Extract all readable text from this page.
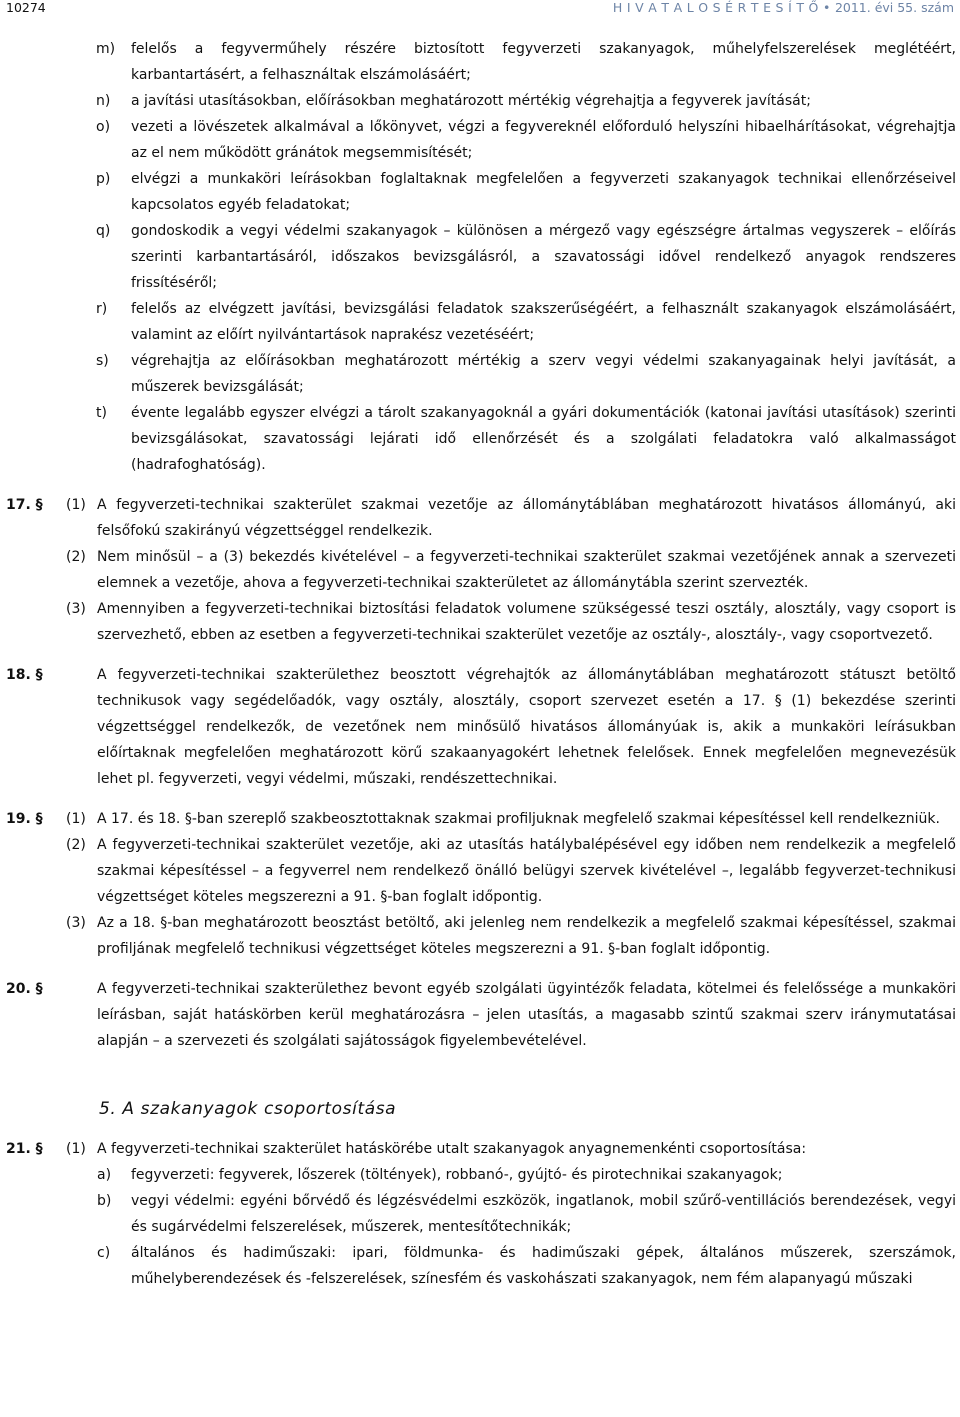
10274	H I V A T A L O S É R T E S Í T Ő • 2011. évi 55. szám
m) felelős a fegyverműhely részére biztosított fegyverzeti szakanyagok, műhelyfelszerelések meglétéért, karbantartásért, a felhasználtak elszámolásáért;
n) a javítási utasításokban, előírásokban meghatározott mértékig végrehajtja a fegyverek javítását;
o) vezeti a lövészetek alkalmával a lőkönyvet, végzi a fegyvereknél előforduló helyszíni hibaelhárításokat, végrehajtja az el nem működött gránátok megsemmisítését;
p) elvégzi a munkaköri leírásokban foglaltaknak megfelelően a fegyverzeti szakanyagok technikai ellenőrzéseivel kapcsolatos egyéb feladatokat;
q) gondoskodik a vegyi védelmi szakanyagok – különösen a mérgező vagy egészségre ártalmas vegyszerek – előírás szerinti karbantartásáról, időszakos bevizsgálásról, a szavatossági idővel rendelkező anyagok rendszeres frissítéséről;
r) felelős az elvégzett javítási, bevizsgálási feladatok szakszerűségéért, a felhasznált szakanyagok elszámolásáért, valamint az előírt nyilvántartások naprakész vezetéséért;
s) végrehajtja az előírásokban meghatározott mértékig a szerv vegyi védelmi szakanyagainak helyi javítását, a műszerek bevizsgálását;
t) évente legalább egyszer elvégzi a tárolt szakanyagoknál a gyári dokumentációk (katonai javítási utasítások) szerinti bevizsgálásokat, szavatossági lejárati idő ellenőrzését és a szolgálati feladatokra való alkalmasságot (hadrafoghatóság).
17. § (1) A fegyverzeti-technikai szakterület szakmai vezetője az állománytáblában meghatározott hivatásos állományú, aki felsőfokú szakirányú végzettséggel rendelkezik.
(2) Nem minősül – a (3) bekezdés kivételével – a fegyverzeti-technikai szakterület szakmai vezetőjének annak a szervezeti elemnek a vezetője, ahova a fegyverzeti-technikai szakterületet az állománytábla szerint szervezték.
(3) Amennyiben a fegyverzeti-technikai biztosítási feladatok volumene szükségessé teszi osztály, alosztály, vagy csoport is szervezhető, ebben az esetben a fegyverzeti-technikai szakterület vezetője az osztály-, alosztály-, vagy csoportvezető.
18. §	A fegyverzeti-technikai szakterülethez beosztott végrehajtók az állománytáblában meghatározott státuszt betöltő technikusok vagy segédelőadók, vagy osztály, alosztály, csoport szervezet esetén a 17. § (1) bekezdése szerinti végzettséggel rendelkezők, de vezetőnek nem minősülő hivatásos állományúak is, akik a munkaköri leírásukban előírtaknak megfelelően meghatározott körű szakaanyagokért lehetnek felelősek. Ennek megfelelően megnevezésük lehet pl. fegyverzeti, vegyi védelmi, műszaki, rendészettechnikai.
19. § (1) A 17. és 18. §-ban szereplő szakbeosztottaknak szakmai profiljuknak megfelelő szakmai képesítéssel kell rendelkezniük.
(2) A fegyverzeti-technikai szakterület vezetője, aki az utasítás hatálybalépésével egy időben nem rendelkezik a megfelelő szakmai képesítéssel – a fegyverrel nem rendelkező önálló belügyi szervek kivételével –, legalább fegyverzet-technikusi végzettséget köteles megszerezni a 91. §-ban foglalt időpontig.
(3) Az a 18. §-ban meghatározott beosztást betöltő, aki jelenleg nem rendelkezik a megfelelő szakmai képesítéssel, szakmai profiljának megfelelő technikusi végzettséget köteles megszerezni a 91. §-ban foglalt időpontig.
20. §	A fegyverzeti-technikai szakterülethez bevont egyéb szolgálati ügyintézők feladata, kötelmei és felelőssége a munkaköri leírásban, saját hatáskörben kerül meghatározásra – jelen utasítás, a magasabb szintű szakmai szerv iránymutatásai alapján – a szervezeti és szolgálati sajátosságok figyelembevételével.
5. A szakanyagok csoportosítása
21. § (1) A fegyverzeti-technikai szakterület hatáskörébe utalt szakanyagok anyagnemenkénti csoportosítása:
a) fegyverzeti: fegyverek, lőszerek (töltények), robbanó-, gyújtó- és pirotechnikai szakanyagok;
b) vegyi védelmi: egyéni bőrvédő és légzésvédelmi eszközök, ingatlanok, mobil szűrő-ventillációs berendezések, vegyi és sugárvédelmi felszerelések, műszerek, mentesítőtechnikák;
c) általános és hadiműszaki: ipari, földmunka- és hadiműszaki gépek, általános műszerek, szerszámok, műhelyberendezések és -felszerelések, színesfém és vaskohászati szakanyagok, nem fém alapanyagú műszaki
